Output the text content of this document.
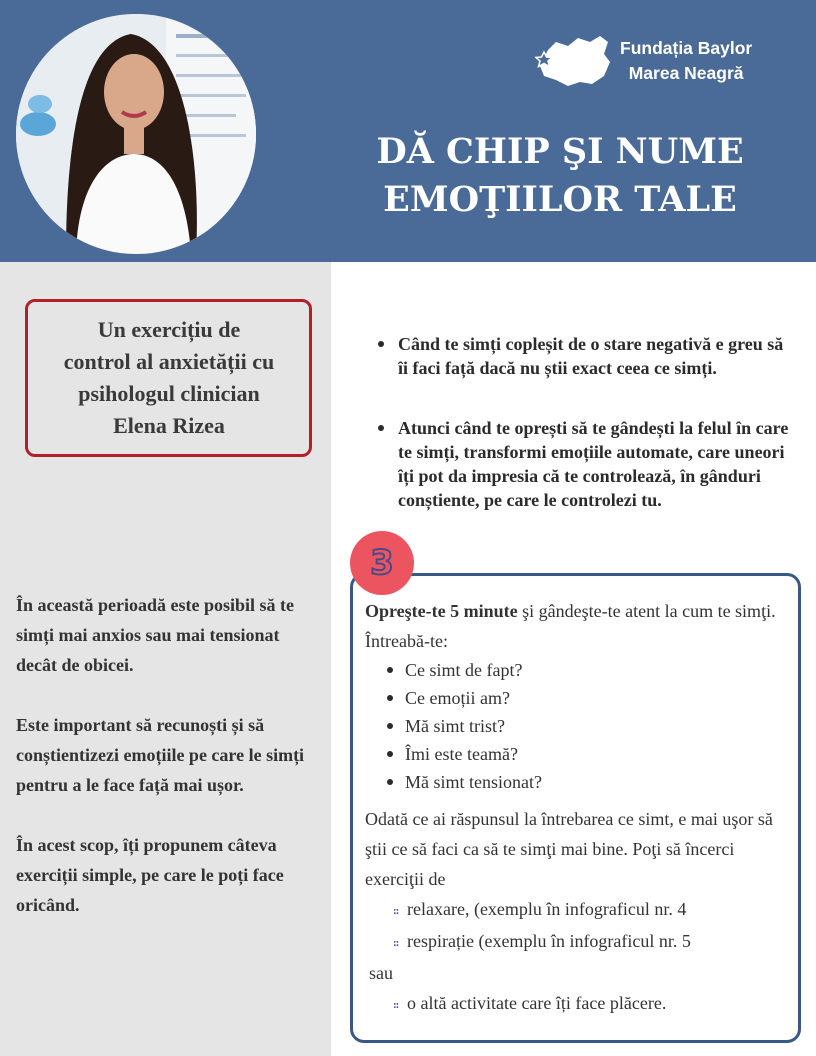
Fundația Baylor
Marea Neagră
DĂ CHIP ŞI NUME
EMOŢIILOR TALE
Un exercițiu de
control al anxietății cu
psihologul clinician
Elena Rizea

În această perioadă este posibil să te simți mai anxios sau mai tensionat decât de obicei.

Este important să recunoști și să conștientizezi emoțiile pe care le simți pentru a le face față mai ușor.

În acest scop, îți propunem câteva exerciții simple, pe care le poți face oricând.

Când te simți copleșit de o stare negativă e greu să îi faci față dacă nu știi exact ceea ce simți.
Atunci când te oprești să te gândești la felul în care te simți, transformi emoțiile automate, care uneori îți pot da impresia că te controlează, în gânduri conștiente, pe care le controlezi tu.
3
Opreşte-te 5 minute şi gândeşte-te atent la cum te simţi. Întreabă-te:
Ce simt de fapt?
Ce emoții am?
Mă simt trist?
Îmi este teamă?
Mă simt tensionat?
Odată ce ai răspunsul la întrebarea ce simt, e mai uşor să ştii ce să faci ca să te simţi mai bine. Poţi să încerci exerciţii de
:: relaxare, (exemplu în infograficul nr. 4
:: respirație (exemplu în infograficul nr. 5
sau
:: o altă activitate care îți face plăcere.
